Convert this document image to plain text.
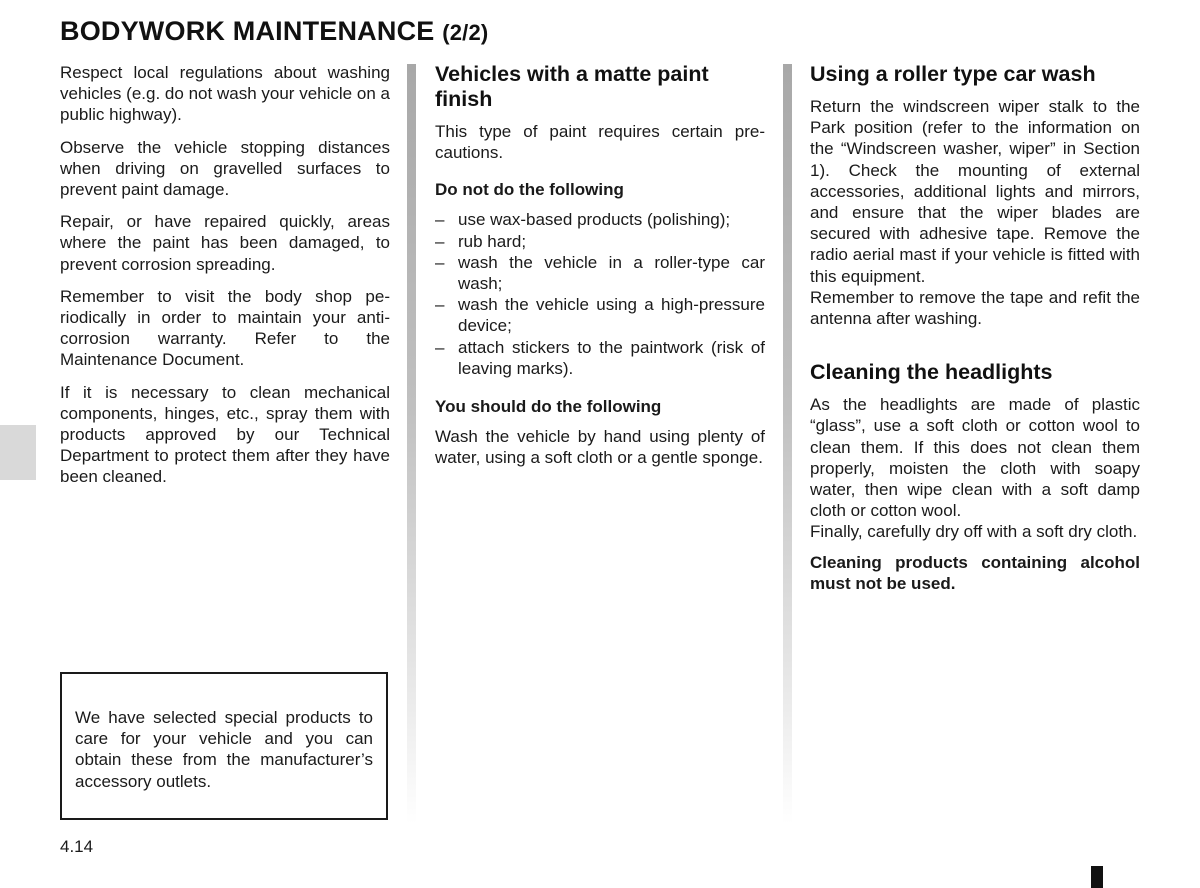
BODYWORK MAINTENANCE (2/2)

Respect local regulations about washing vehicles (e.g. do not wash your vehicle on a public highway).

Observe the vehicle stopping distances when driving on gravelled surfaces to prevent paint damage.

Repair, or have repaired quickly, areas where the paint has been damaged, to prevent corrosion spreading.

Remember to visit the body shop periodically in order to maintain your anti-corrosion warranty. Refer to the Maintenance Document.

If it is necessary to clean mechanical components, hinges, etc., spray them with products approved by our Technical Department to protect them after they have been cleaned.

We have selected special products to care for your vehicle and you can obtain these from the manufacturer’s accessory outlets.
Vehicles with a matte paint finish

This type of paint requires certain precautions.

Do not do the following
– use wax-based products (polishing);
– rub hard;
– wash the vehicle in a roller-type car wash;
– wash the vehicle using a high-pressure device;
– attach stickers to the paintwork (risk of leaving marks).
You should do the following

Wash the vehicle by hand using plenty of water, using a soft cloth or a gentle sponge.

Using a roller type car wash

Return the windscreen wiper stalk to the Park position (refer to the information on the “Windscreen washer, wiper” in Section 1). Check the mounting of external accessories, additional lights and mirrors, and ensure that the wiper blades are secured with adhesive tape. Remove the radio aerial mast if your vehicle is fitted with this equipment.
Remember to remove the tape and refit the antenna after washing.

Cleaning the headlights

As the headlights are made of plastic “glass”, use a soft cloth or cotton wool to clean them. If this does not clean them properly, moisten the cloth with soapy water, then wipe clean with a soft damp cloth or cotton wool.
Finally, carefully dry off with a soft dry cloth.

Cleaning products containing alcohol must not be used.

4.14
